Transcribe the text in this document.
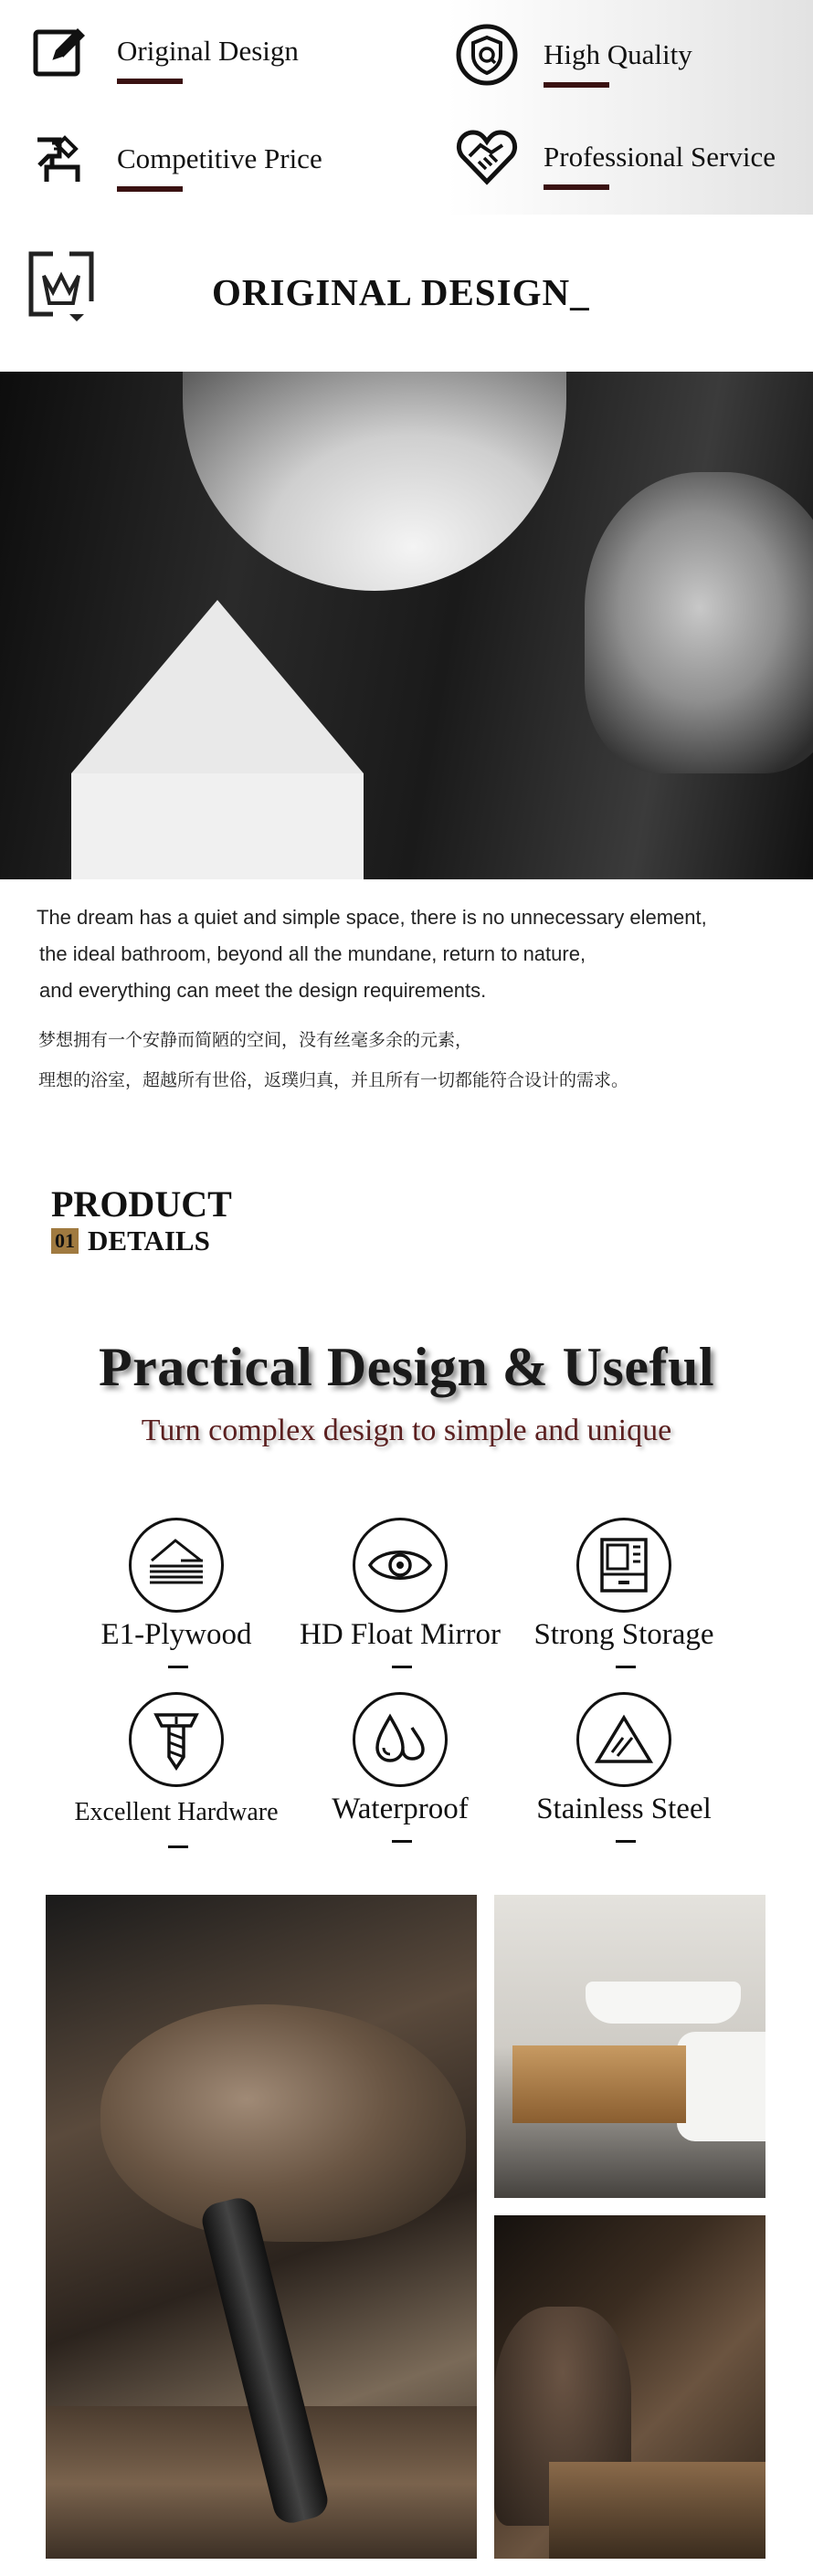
Original Design	High Quality
Competitive Price	Professional Service
ORIGINAL DESIGN_
The dream has a quiet and simple space, there is no unnecessary element,
the ideal bathroom, beyond all the mundane, return to nature,
and everything can meet the design requirements.
梦想拥有一个安静而简陋的空间，没有丝毫多余的元素，
理想的浴室，超越所有世俗，返璞归真，并且所有一切都能符合设计的需求。
PRODUCT
01 DETAILS
Practical Design & Useful
Turn complex design to simple and unique
E1-Plywood	HD Float Mirror	Strong Storage
Excellent Hardware	Waterproof	Stainless Steel
